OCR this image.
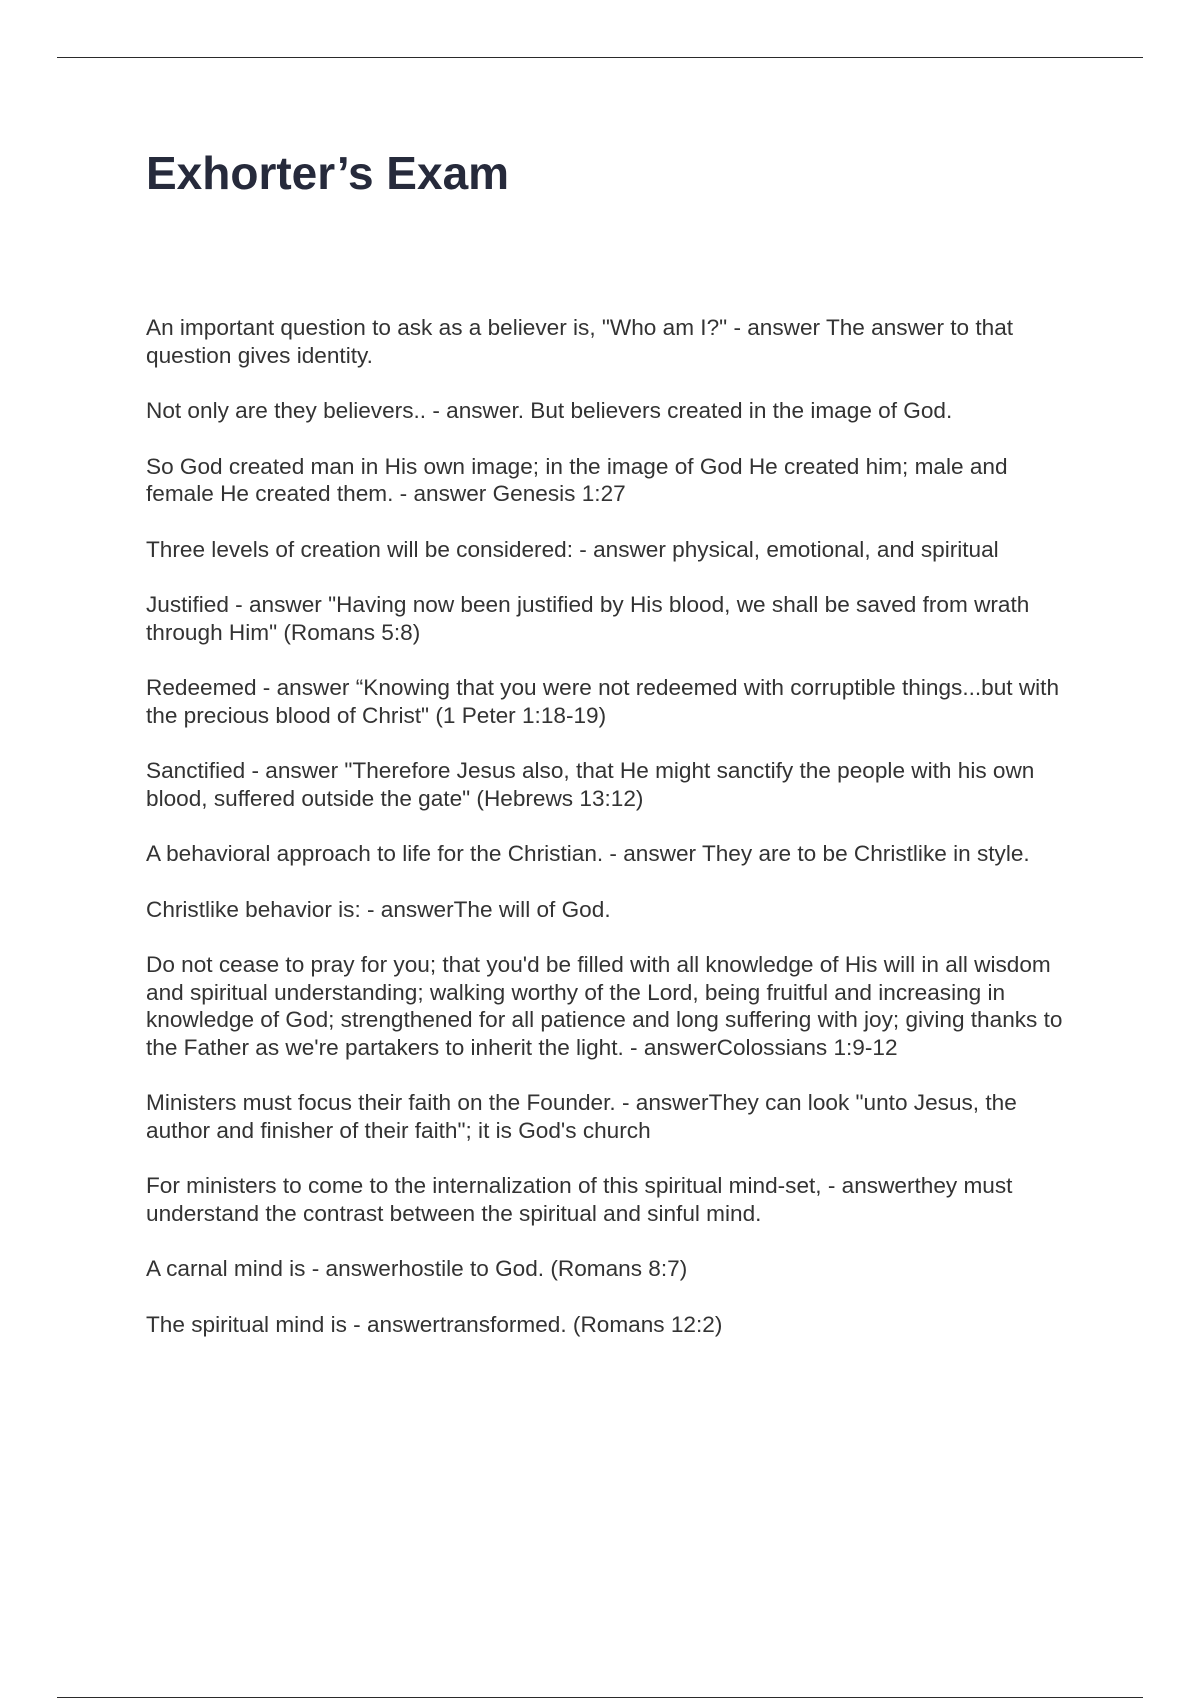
Exhorter’s Exam

An important question to ask as a believer is, "Who am I?" - answer The answer to that question gives identity.

Not only are they believers.. - answer. But believers created in the image of God.

So God created man in His own image; in the image of God He created him; male and female He created them. - answer Genesis 1:27

Three levels of creation will be considered: - answer physical, emotional, and spiritual

Justified - answer "Having now been justified by His blood, we shall be saved from wrath through Him" (Romans 5:8)

Redeemed - answer “Knowing that you were not redeemed with corruptible things...but with the precious blood of Christ" (1 Peter 1:18-19)

Sanctified - answer "Therefore Jesus also, that He might sanctify the people with his own blood, suffered outside the gate" (Hebrews 13:12)

A behavioral approach to life for the Christian. - answer They are to be Christlike in style.

Christlike behavior is: - answerThe will of God.

Do not cease to pray for you; that you'd be filled with all knowledge of His will in all wisdom and spiritual understanding; walking worthy of the Lord, being fruitful and increasing in knowledge of God; strengthened for all patience and long suffering with joy; giving thanks to the Father as we're partakers to inherit the light. - answerColossians 1:9-12

Ministers must focus their faith on the Founder. - answerThey can look "unto Jesus, the author and finisher of their faith"; it is God's church

For ministers to come to the internalization of this spiritual mind-set, - answerthey must understand the contrast between the spiritual and sinful mind.

A carnal mind is - answerhostile to God. (Romans 8:7)

The spiritual mind is - answertransformed. (Romans 12:2)
